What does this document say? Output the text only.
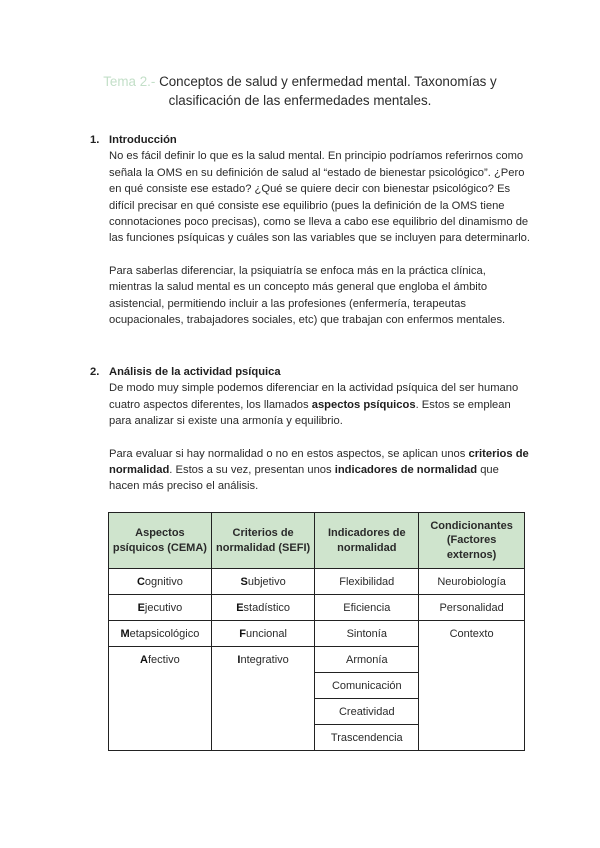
Tema 2.- Conceptos de salud y enfermedad mental. Taxonomías y
clasificación de las enfermedades mentales.
1. Introducción
No es fácil definir lo que es la salud mental. En principio podríamos referirnos como señala la OMS en su definición de salud al “estado de bienestar psicológico”. ¿Pero en qué consiste ese estado? ¿Qué se quiere decir con bienestar psicológico? Es difícil precisar en qué consiste ese equilibrio (pues la definición de la OMS tiene connotaciones poco precisas), como se lleva a cabo ese equilibrio del dinamismo de las funciones psíquicas y cuáles son las variables que se incluyen para determinarlo.
Para saberlas diferenciar, la psiquiatría se enfoca más en la práctica clínica, mientras la salud mental es un concepto más general que engloba el ámbito asistencial, permitiendo incluir a las profesiones (enfermería, terapeutas ocupacionales, trabajadores sociales, etc) que trabajan con enfermos mentales.
2. Análisis de la actividad psíquica
De modo muy simple podemos diferenciar en la actividad psíquica del ser humano cuatro aspectos diferentes, los llamados aspectos psíquicos. Estos se emplean para analizar si existe una armonía y equilibrio.
Para evaluar si hay normalidad o no en estos aspectos, se aplican unos criterios de normalidad. Estos a su vez, presentan unos indicadores de normalidad que hacen más preciso el análisis.
Aspectos psíquicos (CEMA)	Criterios de normalidad (SEFI)	Indicadores de normalidad	Condicionantes (Factores externos)
Cognitivo	Subjetivo	Flexibilidad	Neurobiología
Ejecutivo	Estadístico	Eficiencia	Personalidad
Metapsicológico	Funcional	Sintonía	Contexto
Afectivo	Integrativo	Armonía	
		Comunicación	
		Creatividad	
		Trascendencia	
